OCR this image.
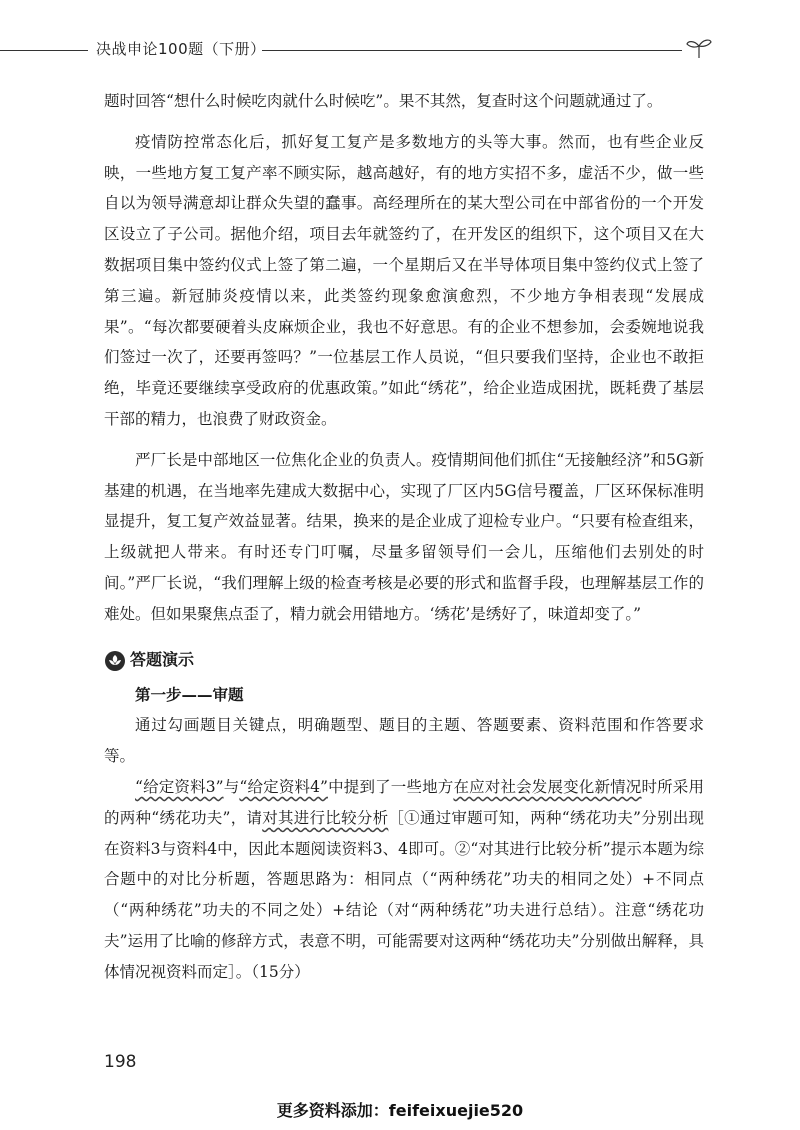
决战申论100题（下册）

题时回答“想什么时候吃肉就什么时候吃”。果不其然，复查时这个问题就通过了。

疫情防控常态化后，抓好复工复产是多数地方的头等大事。然而，也有些企业反映，一些地方复工复产率不顾实际，越高越好，有的地方实招不多，虚活不少，做一些自以为领导满意却让群众失望的蠢事。高经理所在的某大型公司在中部省份的一个开发区设立了子公司。据他介绍，项目去年就签约了，在开发区的组织下，这个项目又在大数据项目集中签约仪式上签了第二遍，一个星期后又在半导体项目集中签约仪式上签了第三遍。新冠肺炎疫情以来，此类签约现象愈演愈烈，不少地方争相表现“发展成果”。“每次都要硬着头皮麻烦企业，我也不好意思。有的企业不想参加，会委婉地说我们签过一次了，还要再签吗？”一位基层工作人员说，“但只要我们坚持，企业也不敢拒绝，毕竟还要继续享受政府的优惠政策。”如此“绣花”，给企业造成困扰，既耗费了基层干部的精力，也浪费了财政资金。

严厂长是中部地区一位焦化企业的负责人。疫情期间他们抓住“无接触经济”和5G新基建的机遇，在当地率先建成大数据中心，实现了厂区内5G信号覆盖，厂区环保标准明显提升，复工复产效益显著。结果，换来的是企业成了迎检专业户。“只要有检查组来，上级就把人带来。有时还专门叮嘱，尽量多留领导们一会儿，压缩他们去别处的时间。”严厂长说，“我们理解上级的检查考核是必要的形式和监督手段，也理解基层工作的难处。但如果聚焦点歪了，精力就会用错地方。‘绣花’是绣好了，味道却变了。”

答题演示
第一步——审题

通过勾画题目关键点，明确题型、题目的主题、答题要素、资料范围和作答要求等。

“给定资料3”与“给定资料4”中提到了一些地方在应对社会发展变化新情况时所采用的两种“绣花功夫”，请对其进行比较分析［①通过审题可知，两种“绣花功夫”分别出现在资料3与资料4中，因此本题阅读资料3、4即可。②“对其进行比较分析”提示本题为综合题中的对比分析题，答题思路为：相同点（“两种绣花”功夫的相同之处）+不同点（“两种绣花”功夫的不同之处）+结论（对“两种绣花”功夫进行总结）。注意“绣花功夫”运用了比喻的修辞方式，表意不明，可能需要对这两种“绣花功夫”分别做出解释，具体情况视资料而定］。（15分）

198
更多资料添加：feifeixuejie520
